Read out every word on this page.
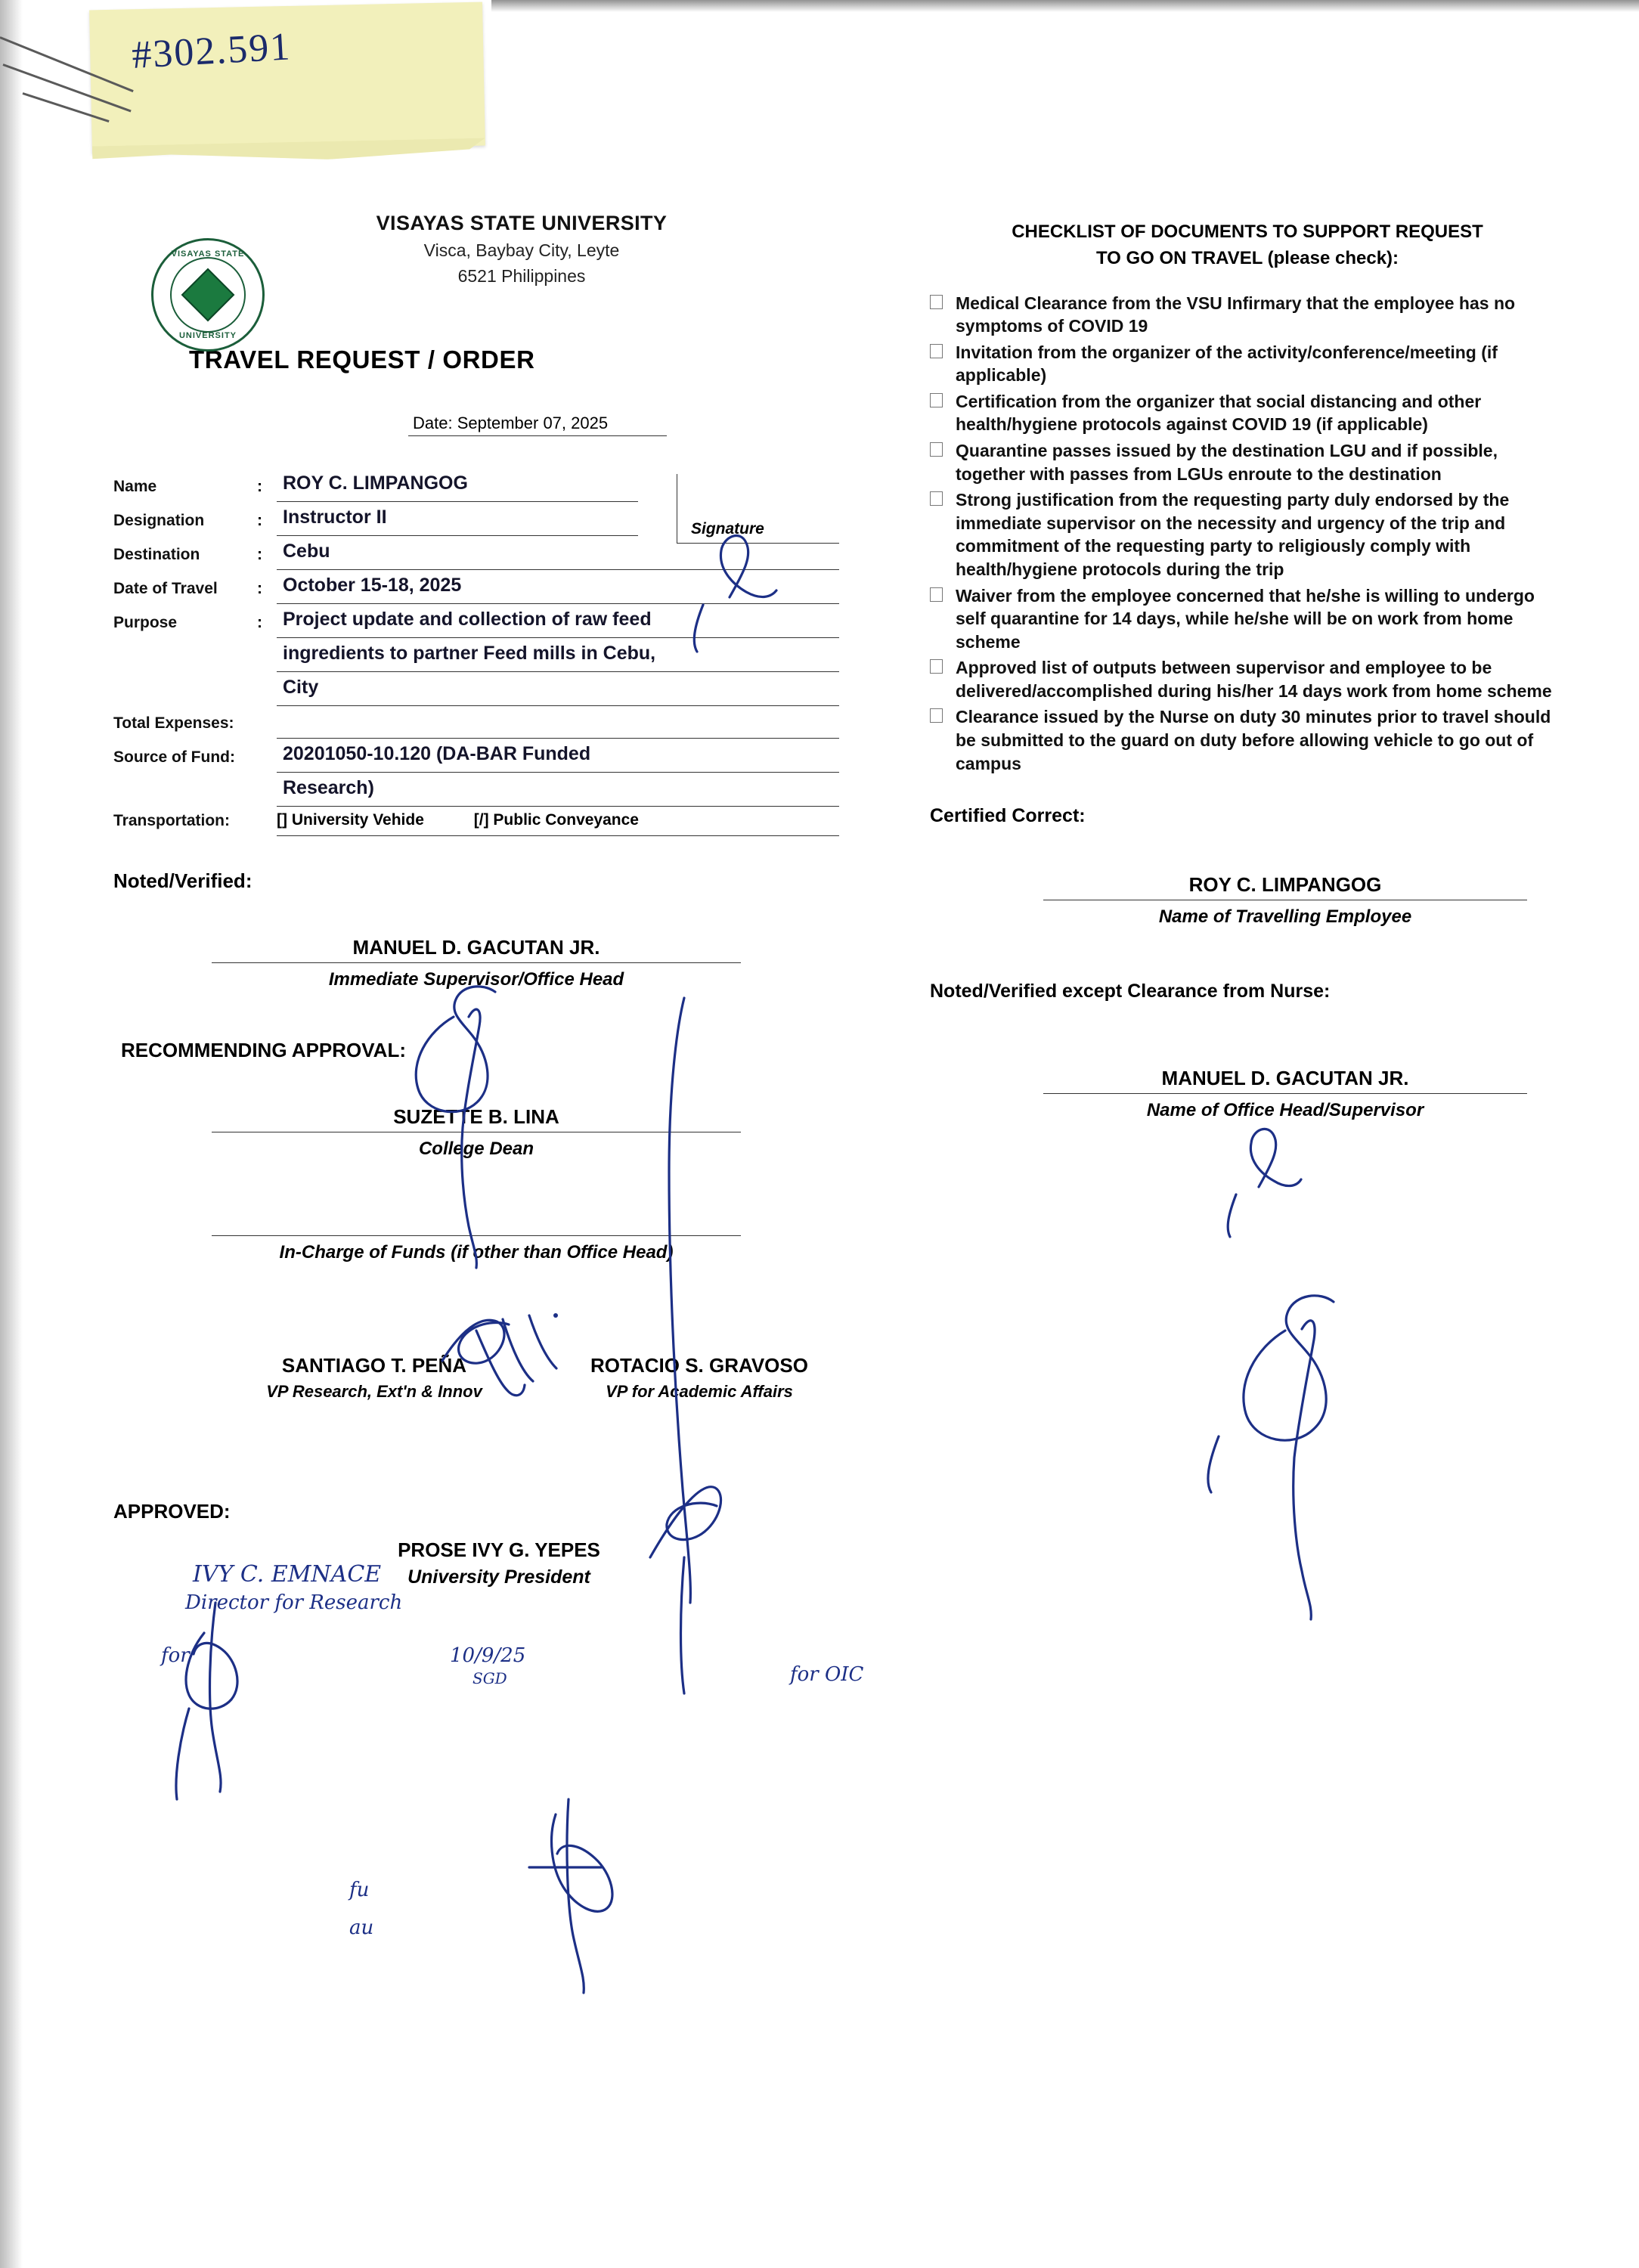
#302.591
VISAYAS STATE
UNIVERSITY
VISAYAS STATE UNIVERSITY
Visca, Baybay City, Leyte
6521 Philippines
TRAVEL REQUEST / ORDER
Date: September 07, 2025
Signature
Name	:	ROY C. LIMPANGOG
Designation	:	Instructor II
Destination	:	Cebu
Date of Travel	:	October 15-18, 2025
Purpose	:	Project update and collection of raw feed
ingredients to partner Feed mills in Cebu,
City
Total Expenses:
Source of Fund:	20201050-10.120 (DA-BAR Funded
Research)
Transportation:	[] University Vehide	[/] Public Conveyance
Noted/Verified:
MANUEL D. GACUTAN JR.
Immediate Supervisor/Office Head
RECOMMENDING APPROVAL:
SUZETTE B. LINA
College Dean
In-Charge of Funds (if other than Office Head)
SANTIAGO T. PEÑA
VP Research, Ext'n & Innov
ROTACIO S. GRAVOSO
VP for Academic Affairs
APPROVED:
PROSE IVY G. YEPES
University President
CHECKLIST OF DOCUMENTS TO SUPPORT REQUEST
TO GO ON TRAVEL (please check):
Medical Clearance from the VSU Infirmary that the employee has no symptoms of COVID 19
Invitation from the organizer of the activity/conference/meeting (if applicable)
Certification from the organizer that social distancing and other health/hygiene protocols against COVID 19 (if applicable)
Quarantine passes issued by the destination LGU and if possible, together with passes from LGUs enroute to the destination
Strong justification from the requesting party duly endorsed by the immediate supervisor on the necessity and urgency of the trip and commitment of the requesting party to religiously comply with health/hygiene protocols during the trip
Waiver from the employee concerned that he/she is willing to undergo self quarantine for 14 days, while he/she will be on work from home scheme
Approved list of outputs between supervisor and employee to be delivered/accomplished during his/her 14 days work from home scheme
Clearance issued by the Nurse on duty 30 minutes prior to travel should be submitted to the guard on duty before allowing vehicle to go out of campus
Certified Correct:
ROY C. LIMPANGOG
Name of Travelling Employee
Noted/Verified except Clearance from Nurse:
MANUEL D. GACUTAN JR.
Name of Office Head/Supervisor
IVY C. EMNACE
Director for Research
10/9/25
for
for OIC
SGD
fu
au
